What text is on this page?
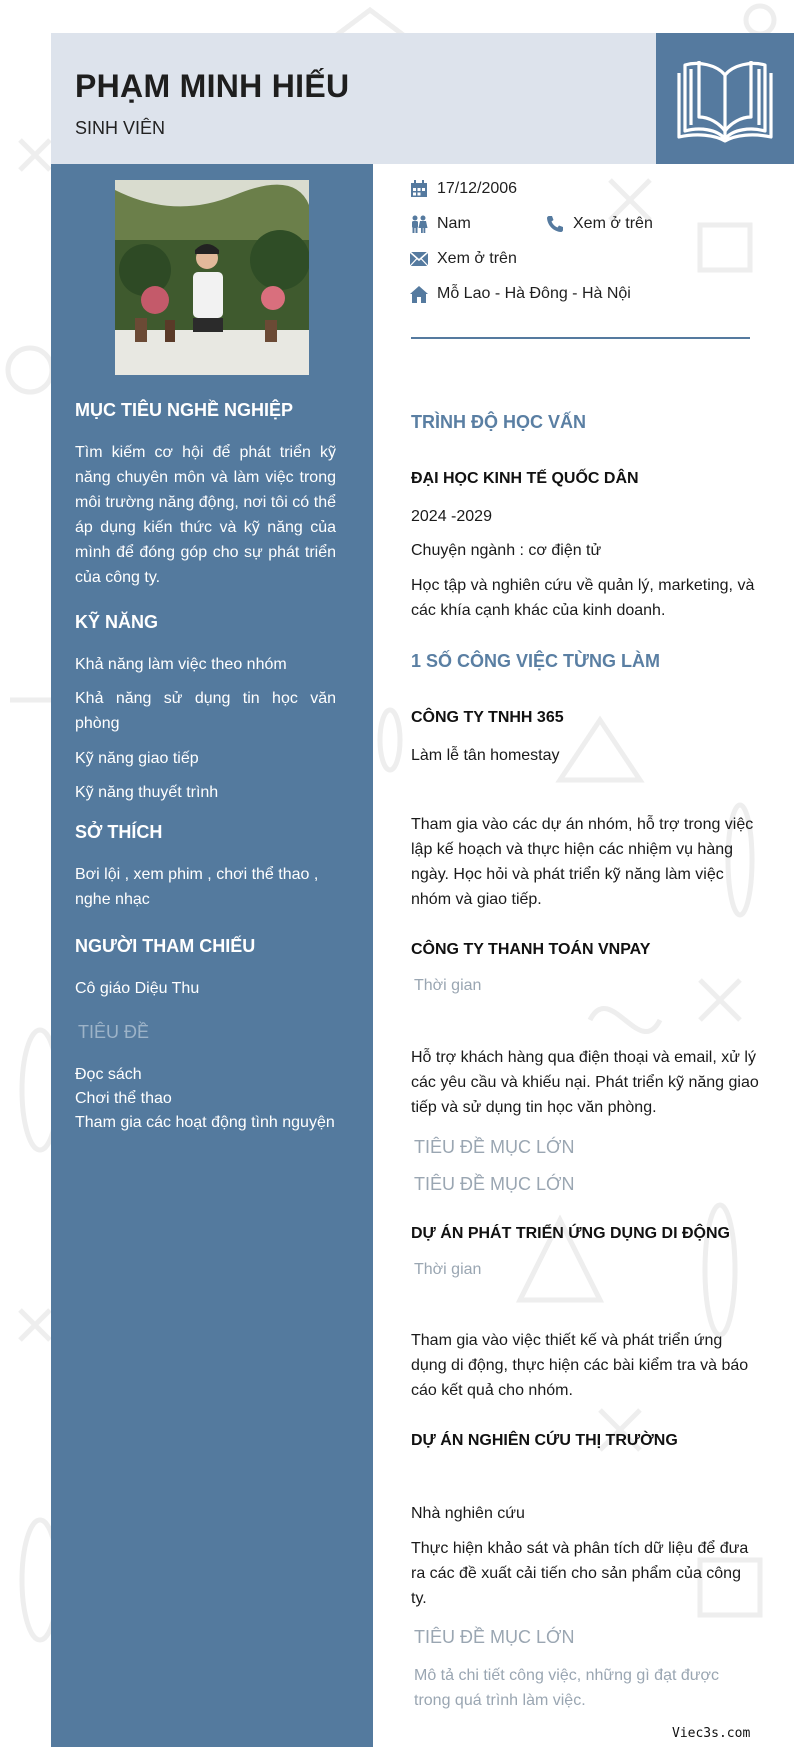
PHẠM MINH HIẾU
SINH VIÊN
MỤC TIÊU NGHỀ NGHIỆP
Tìm kiếm cơ hội để phát triển kỹ năng chuyên môn và làm việc trong môi trường năng động, nơi tôi có thể áp dụng kiến thức và kỹ năng của mình để đóng góp cho sự phát triển của công ty.
KỸ NĂNG
Khả năng làm việc theo nhóm
Khả năng sử dụng tin học văn phòng
Kỹ năng giao tiếp
Kỹ năng thuyết trình
SỞ THÍCH
Bơi lội , xem phim , chơi thể thao , nghe nhạc
NGƯỜI THAM CHIẾU
Cô giáo Diệu Thu
TIÊU ĐỀ
Đọc sách
Chơi thể thao
Tham gia các hoạt động tình nguyện
17/12/2006
Nam	Xem ở trên
Xem ở trên
Mỗ Lao - Hà Đông - Hà Nội
TRÌNH ĐỘ HỌC VẤN
ĐẠI HỌC KINH TẾ QUỐC DÂN
2024 -2029
Chuyện ngành : cơ điện tử
Học tập và nghiên cứu về quản lý, marketing, và các khía cạnh khác của kinh doanh.
1 SỐ CÔNG VIỆC TỪNG LÀM
CÔNG TY TNHH 365
Làm lễ tân homestay
Tham gia vào các dự án nhóm, hỗ trợ trong việc lập kế hoạch và thực hiện các nhiệm vụ hàng ngày. Học hỏi và phát triển kỹ năng làm việc nhóm và giao tiếp.
CÔNG TY THANH TOÁN VNPAY
Thời gian
Hỗ trợ khách hàng qua điện thoại và email, xử lý các yêu cầu và khiếu nại. Phát triển kỹ năng giao tiếp và sử dụng tin học văn phòng.
TIÊU ĐỀ MỤC LỚN
TIÊU ĐỀ MỤC LỚN
DỰ ÁN PHÁT TRIỂN ỨNG DỤNG DI ĐỘNG
Thời gian
Tham gia vào việc thiết kế và phát triển ứng dụng di động, thực hiện các bài kiểm tra và báo cáo kết quả cho nhóm.
DỰ ÁN NGHIÊN CỨU THỊ TRƯỜNG
Nhà nghiên cứu
Thực hiện khảo sát và phân tích dữ liệu để đưa ra các đề xuất cải tiến cho sản phẩm của công ty.
TIÊU ĐỀ MỤC LỚN
Mô tả chi tiết công việc, những gì đạt được trong quá trình làm việc.
Viec3s.com
